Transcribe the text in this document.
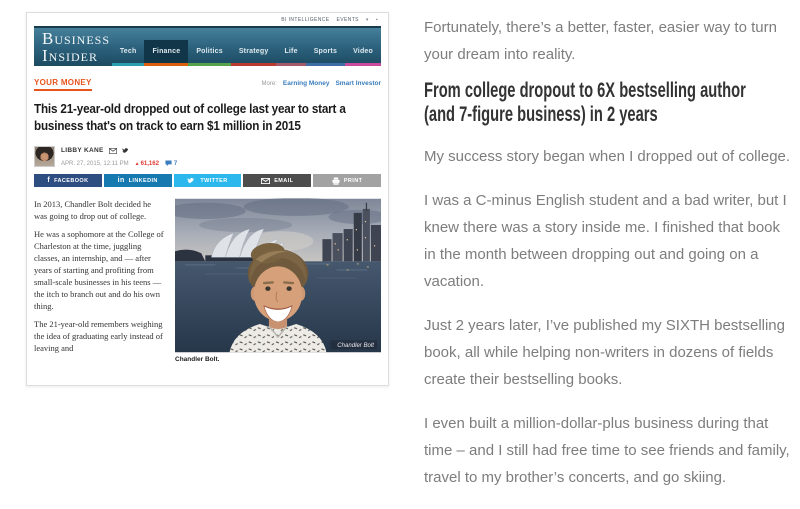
BI INTELLIGENCE EVENTS ▾ ▪
Business
Insider	Tech	Finance	Politics	Strategy	Life	Sports	Video
YOUR MONEY	More: Earning Money Smart Investor
This 21-year-old dropped out of college last year to start a business that's on track to earn $1 million in 2015
LIBBY KANE
APR. 27, 2015, 12:11 PM ▲ 61,162	7
f FACEBOOK	in LINKEDIN	TWITTER	EMAIL	PRINT

In 2013, Chandler Bolt decided he was going to drop out of college.

He was a sophomore at the College of Charleston at the time, juggling classes, an internship, and — after years of starting and profiting from small-scale businesses in his teens — the itch to branch out and do his own thing.

The 21-year-old remembers weighing the idea of graduating early instead of leaving and	Chandler Bolt
Chandler Bolt.

Fortunately, there’s a better, faster, easier way to turn your dream into reality.

From college dropout to 6X bestselling author
(and 7-figure business) in 2 years

My success story began when I dropped out of college.

I was a C-minus English student and a bad writer, but I knew there was a story inside me. I finished that book in the month between dropping out and going on a vacation.

Just 2 years later, I’ve published my SIXTH bestselling book, all while helping non-writers in dozens of fields create their bestselling books.

I even built a million-dollar-plus business during that time – and I still had free time to see friends and family, travel to my brother’s concerts, and go skiing.
